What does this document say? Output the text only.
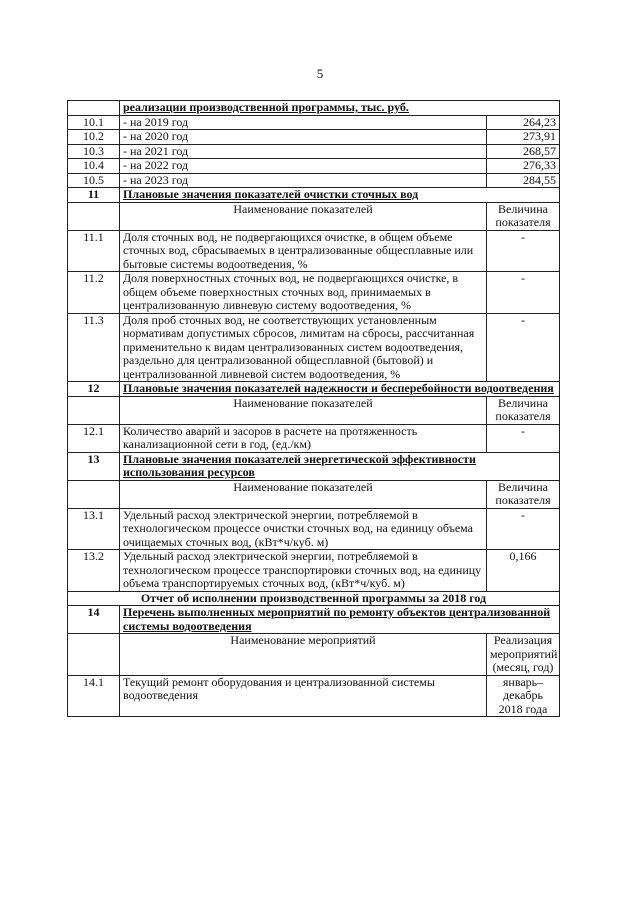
5
	реализации производственной программы, тыс. руб.	
10.1	- на 2019 год	264,23
10.2	- на 2020 год	273,91
10.3	- на 2021 год	268,57
10.4	- на 2022 год	276,33
10.5	- на 2023 год	284,55
11	Плановые значения показателей очистки сточных вод	
	Наименование показателей	Величина показателя
11.1	Доля сточных вод, не подвергающихся очистке, в общем объеме сточных вод, сбрасываемых в централизованные общесплавные или бытовые системы водоотведения, %	-
11.2	Доля поверхностных сточных вод, не подвергающихся очистке, в общем объеме поверхностных сточных вод, принимаемых в централизованную ливневую систему водоотведения, %	-
11.3	Доля проб сточных вод, не соответствующих установленным нормативам допустимых сбросов, лимитам на сбросы, рассчитанная применительно к видам централизованных систем водоотведения, раздельно для централизованной общесплавной (бытовой) и централизованной ливневой систем водоотведения, %	-
12	Плановые значения показателей надежности и бесперебойности водоотведения	
	Наименование показателей	Величина показателя
12.1	Количество аварий и засоров в расчете на протяженность канализационной сети в год, (ед./км)	-
13	Плановые значения показателей энергетической эффективности использования ресурсов	
	Наименование показателей	Величина показателя
13.1	Удельный расход электрической энергии, потребляемой в технологическом процессе очистки сточных вод, на единицу объема очищаемых сточных вод, (кВт*ч/куб. м)	-
13.2	Удельный расход электрической энергии, потребляемой в технологическом процессе транспортировки сточных вод, на единицу объема транспортируемых сточных вод, (кВт*ч/куб. м)	0,166
Отчет об исполнении производственной программы за 2018 год		
14	Перечень выполненных мероприятий по ремонту объектов централизованной системы водоотведения	
	Наименование мероприятий	Реализация мероприятий (месяц, год)
14.1	Текущий ремонт оборудования и централизованной системы водоотведения	январь–декабрь 2018 года
